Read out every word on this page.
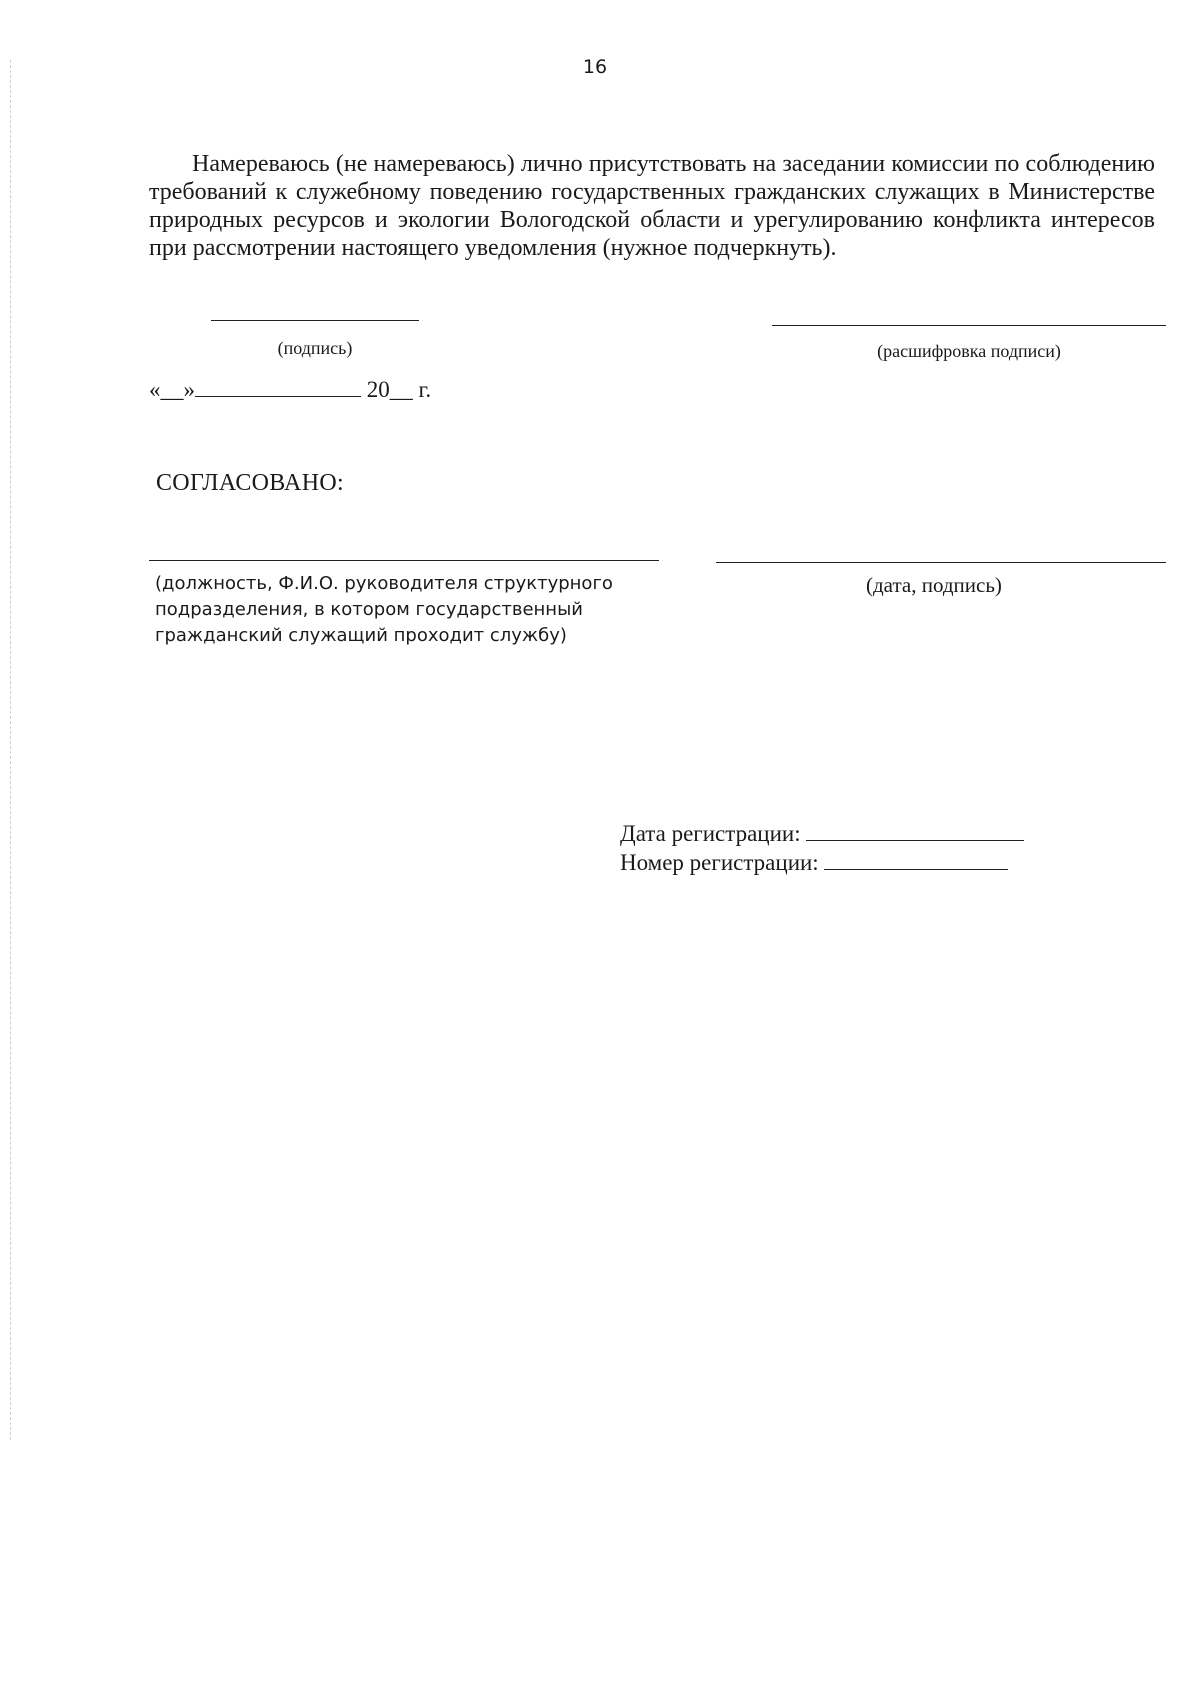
16

Намереваюсь (не намереваюсь) лично присутствовать на заседании комиссии по соблюдению требований к служебному поведению государственных гражданских служащих в Министерстве природных ресурсов и экологии Вологодской области и урегулированию конфликта интересов при рассмотрении настоящего уведомления (нужное подчеркнуть).

(подпись)	(расшифровка подписи)
«__»	20__ г.
СОГЛАСОВАНО:
(должность, Ф.И.О. руководителя структурного подразделения, в котором государственный гражданский служащий проходит службу)
(дата, подпись)
Дата регистрации:
Номер регистрации:
